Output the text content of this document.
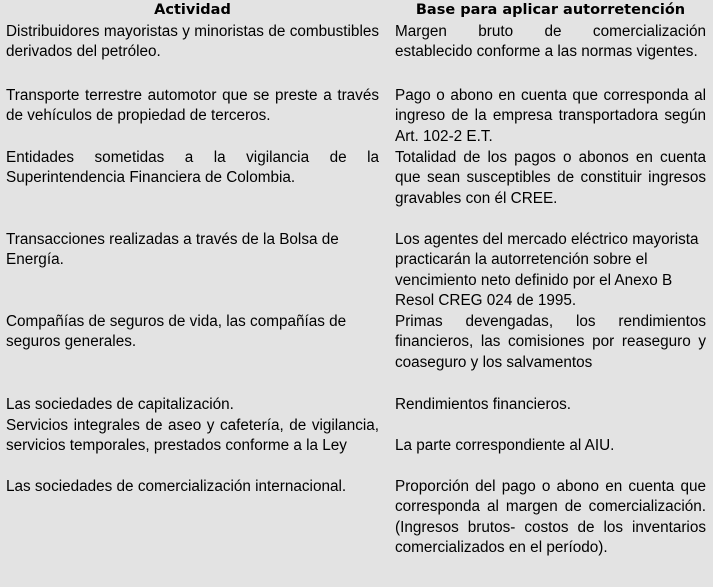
Actividad		Base para aplicar autorretención
Distribuidores mayoristas y minoristas de combustibles derivados del petróleo.		Margen bruto de comercialización establecido conforme a las normas vigentes.
Transporte terrestre automotor que se preste a través de vehículos de propiedad de terceros.		Pago o abono en cuenta que corresponda al ingreso de la empresa transportadora según Art. 102-2 E.T.
Entidades sometidas a la vigilancia de la Superintendencia Financiera de Colombia.		Totalidad de los pagos o abonos en cuenta que sean susceptibles de constituir ingresos gravables con él CREE.
Transacciones realizadas a través de la Bolsa de Energía.		Los agentes del mercado eléctrico mayorista practicarán la autorretención sobre el vencimiento neto definido por el Anexo B Resol CREG 024 de 1995.
Compañías de seguros de vida, las compañías de seguros generales.		Primas devengadas, los rendimientos financieros, las comisiones por reaseguro y coaseguro y los salvamentos
Las sociedades de capitalización.		Rendimientos financieros.
Servicios integrales de aseo y cafetería, de vigilancia, servicios temporales, prestados conforme a la Ley		La parte correspondiente al AIU.
Las sociedades de comercialización internacional.		Proporción del pago o abono en cuenta que corresponda al margen de comercialización. (Ingresos brutos- costos de los inventarios comercializados en el período).
